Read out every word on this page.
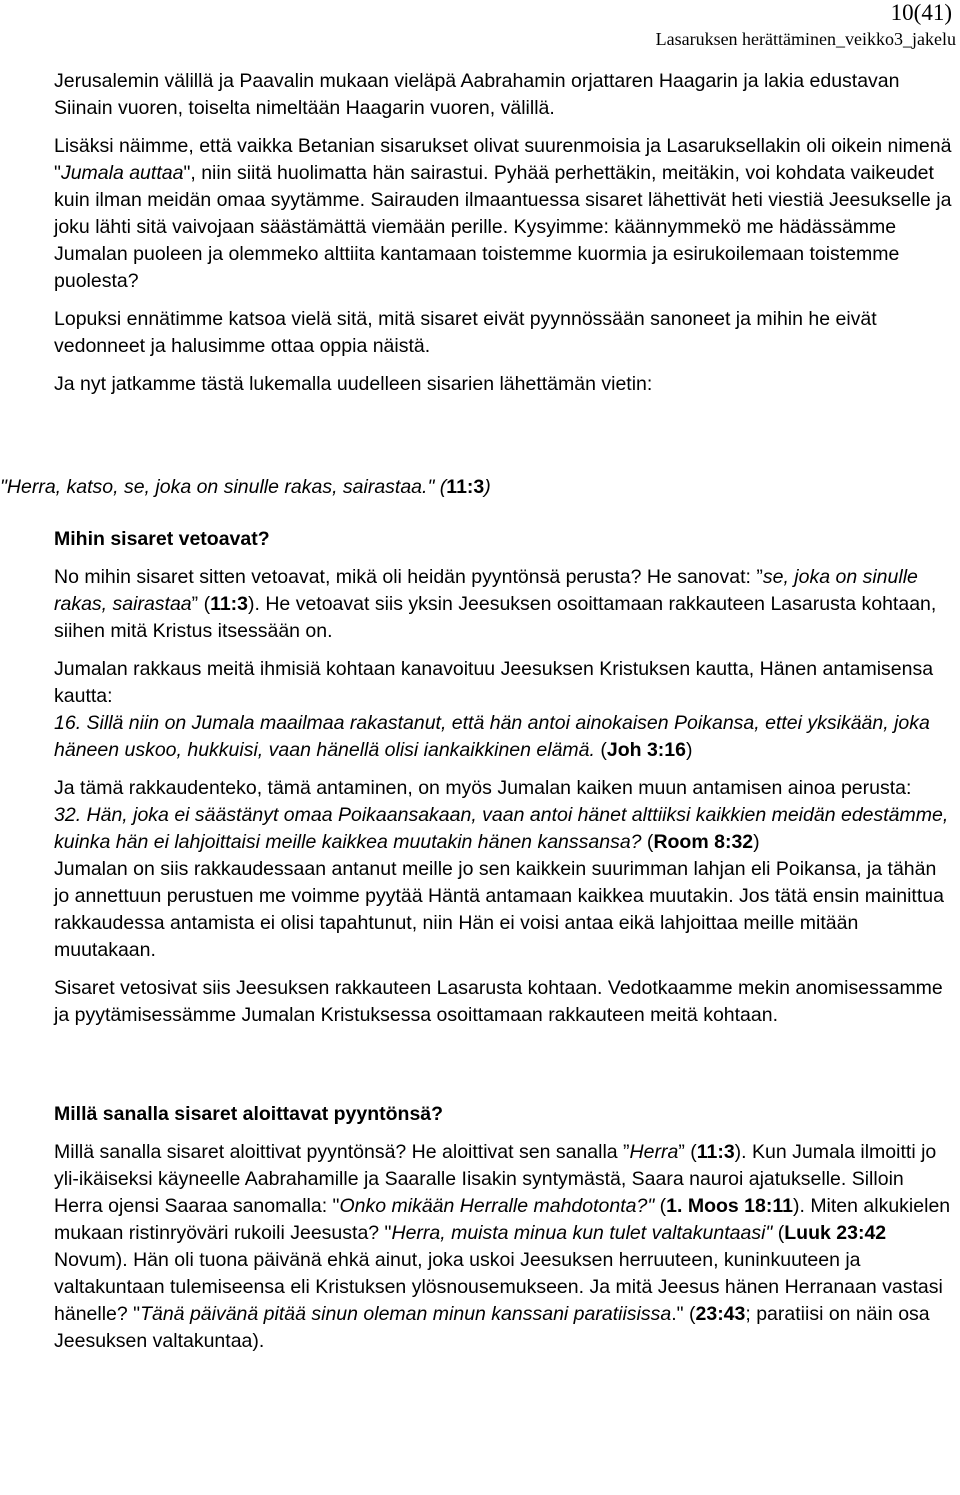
10(41)
Lasaruksen herättäminen_veikko3_jakelu

Jerusalemin välillä ja Paavalin mukaan vieläpä Aabrahamin orjattaren Haagarin ja lakia edustavan Siinain vuoren, toiselta nimeltään Haagarin vuoren, välillä.

Lisäksi näimme, että vaikka Betanian sisarukset olivat suurenmoisia ja Lasaruksellakin oli oikein nimenä "Jumala auttaa", niin siitä huolimatta hän sairastui. Pyhää perhettäkin, meitäkin, voi kohdata vaikeudet kuin ilman meidän omaa syytämme. Sairauden ilmaantuessa sisaret lähettivät heti viestiä Jeesukselle ja joku lähti sitä vaivojaan säästämättä viemään perille. Kysyimme: käännymmekö me hädässämme Jumalan puoleen ja olemmeko alttiita kantamaan toistemme kuormia ja esirukoilemaan toistemme puolesta?

Lopuksi ennätimme katsoa vielä sitä, mitä sisaret eivät pyynnössään sanoneet ja mihin he eivät vedonneet ja halusimme ottaa oppia näistä.

Ja nyt jatkamme tästä lukemalla uudelleen sisarien lähettämän vietin:

"Herra, katso, se, joka on sinulle rakas, sairastaa." (11:3)

Mihin sisaret vetoavat?

No mihin sisaret sitten vetoavat, mikä oli heidän pyyntönsä perusta? He sanovat: ”se, joka on sinulle rakas, sairastaa” (11:3). He vetoavat siis yksin Jeesuksen osoittamaan rakkauteen Lasarusta kohtaan, siihen mitä Kristus itsessään on.

Jumalan rakkaus meitä ihmisiä kohtaan kanavoituu Jeesuksen Kristuksen kautta, Hänen antamisensa kautta:

16. Sillä niin on Jumala maailmaa rakastanut, että hän antoi ainokaisen Poikansa, ettei yksikään, joka häneen uskoo, hukkuisi, vaan hänellä olisi iankaikkinen elämä. (Joh 3:16)

Ja tämä rakkaudenteko, tämä antaminen, on myös Jumalan kaiken muun antamisen ainoa perusta:

32. Hän, joka ei säästänyt omaa Poikaansakaan, vaan antoi hänet alttiiksi kaikkien meidän edestämme, kuinka hän ei lahjoittaisi meille kaikkea muutakin hänen kanssansa? (Room 8:32)

Jumalan on siis rakkaudessaan antanut meille jo sen kaikkein suurimman lahjan eli Poikansa, ja tähän jo annettuun perustuen me voimme pyytää Häntä antamaan kaikkea muutakin. Jos tätä ensin mainittua rakkaudessa antamista ei olisi tapahtunut, niin Hän ei voisi antaa eikä lahjoittaa meille mitään muutakaan.

Sisaret vetosivat siis Jeesuksen rakkauteen Lasarusta kohtaan. Vedotkaamme mekin anomisessamme ja pyytämisessämme Jumalan Kristuksessa osoittamaan rakkauteen meitä kohtaan.

Millä sanalla sisaret aloittavat pyyntönsä?

Millä sanalla sisaret aloittivat pyyntönsä? He aloittivat sen sanalla ”Herra” (11:3). Kun Jumala ilmoitti jo yli-ikäiseksi käyneelle Aabrahamille ja Saaralle Iisakin syntymästä, Saara nauroi ajatukselle. Silloin Herra ojensi Saaraa sanomalla: "Onko mikään Herralle mahdotonta?" (1. Moos 18:11). Miten alkukielen mukaan ristinryöväri rukoili Jeesusta? "Herra, muista minua kun tulet valtakuntaasi" (Luuk 23:42 Novum). Hän oli tuona päivänä ehkä ainut, joka uskoi Jeesuksen herruuteen, kuninkuuteen ja valtakuntaan tulemiseensa eli Kristuksen ylösnousemukseen. Ja mitä Jeesus hänen Herranaan vastasi hänelle? "Tänä päivänä pitää sinun oleman minun kanssani paratiisissa." (23:43; paratiisi on näin osa Jeesuksen valtakuntaa).
